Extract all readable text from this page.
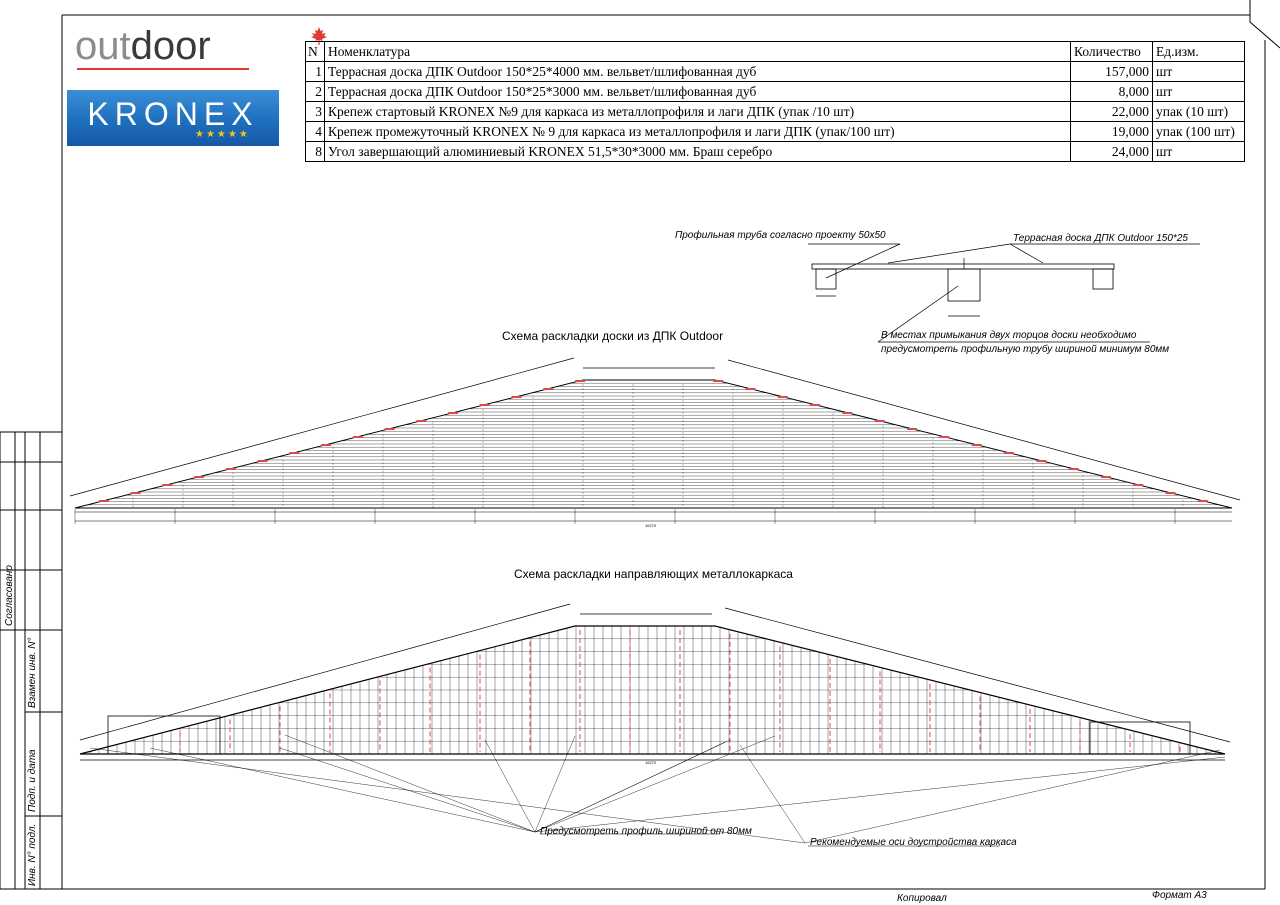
16270
16270
Согласовано
Взамен инв. N°
Подп. и дата
Инв. N° подл.
outdoor
KRONEX
★★★★★
N	Номенклатура	Количество	Ед.изм.
1	Террасная доска ДПК Outdoor 150*25*4000 мм. вельвет/шлифованная дуб	157,000	шт
2	Террасная доска ДПК Outdoor 150*25*3000 мм. вельвет/шлифованная дуб	8,000	шт
3	Крепеж стартовый KRONEX №9 для каркаса из металлопрофиля и лаги ДПК (упак /10 шт)	22,000	упак (10 шт)
4	Крепеж промежуточный KRONEX № 9 для каркаса из металлопрофиля и лаги ДПК (упак/100 шт)	19,000	упак (100 шт)
8	Угол завершающий алюминиевый KRONEX 51,5*30*3000 мм. Браш серебро	24,000	шт
Профильная труба согласно проекту 50х50	Террасная доска ДПК Outdoor 150*25
В местах примыкания двух торцов доски необходимо
предусмотреть профильную трубу шириной минимум 80мм
Схема раскладки доски из ДПК Outdoor
Схема раскладки направляющих металлокаркаса
Предусмотреть профиль шириной от 80мм
Рекомендуемые оси доустройства каркаса
Копировал	Формат А3
